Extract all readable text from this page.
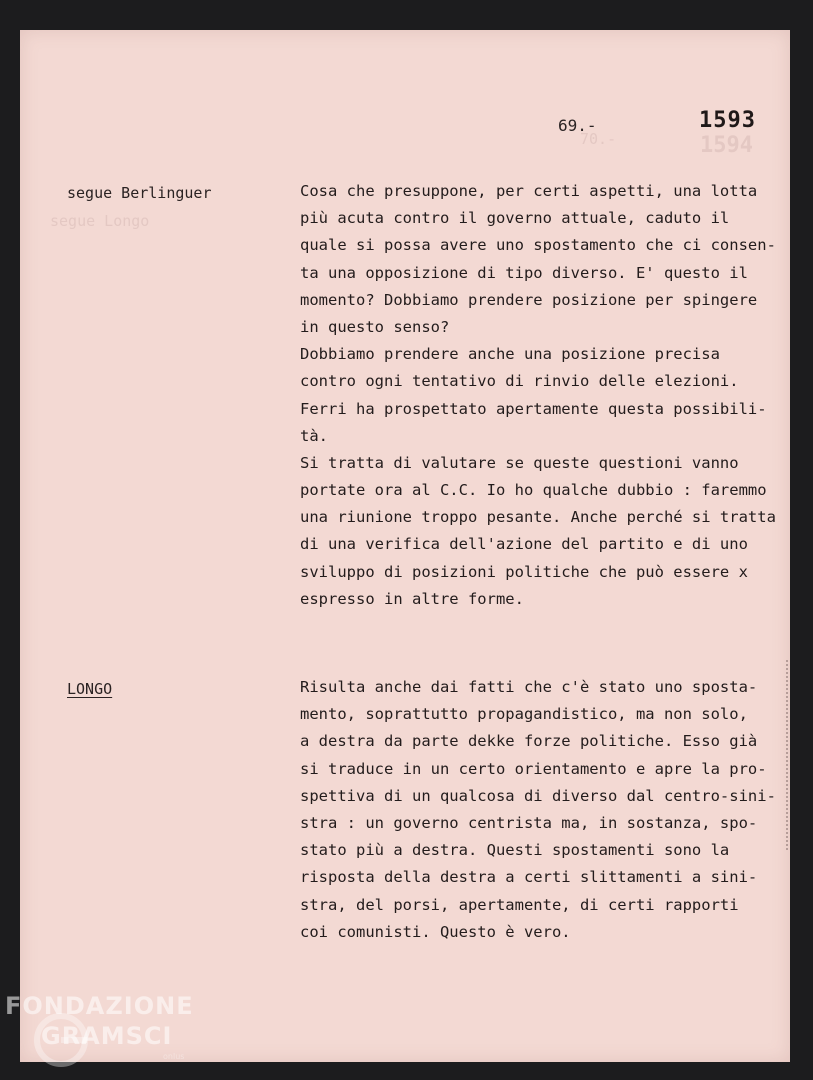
segue Longo
70.-	1594
69.-	1593
segue Berlinguer	Cosa che presuppone, per certi aspetti, una lotta
più acuta contro il governo attuale, caduto il
quale si possa avere uno spostamento che ci consen-
ta una opposizione di tipo diverso. E' questo il
momento? Dobbiamo prendere posizione per spingere
in questo senso?
Dobbiamo prendere anche una posizione precisa
contro ogni tentativo di rinvio delle elezioni.
Ferri ha prospettato apertamente questa possibili-
tà.
Si tratta di valutare se queste questioni vanno
portate ora al C.C. Io ho qualche dubbio : faremmo
una riunione troppo pesante. Anche perché si tratta
di una verifica dell'azione del partito e di uno
sviluppo di posizioni politiche che può essere x
espresso in altre forme.
LONGO	Risulta anche dai fatti che c'è stato uno sposta-
mento, soprattutto propagandistico, ma non solo,
a destra da parte dekke forze politiche. Esso già
si traduce in un certo orientamento e apre la pro-
spettiva di un qualcosa di diverso dal centro-sini-
stra : un governo centrista ma, in sostanza, spo-
stato più a destra. Questi spostamenti sono la
risposta della destra a certi slittamenti a sini-
stra, del porsi, apertamente, di certi rapporti
coi comunisti. Questo è vero.
FONDAZIONE
GRAMSCI
onlus
